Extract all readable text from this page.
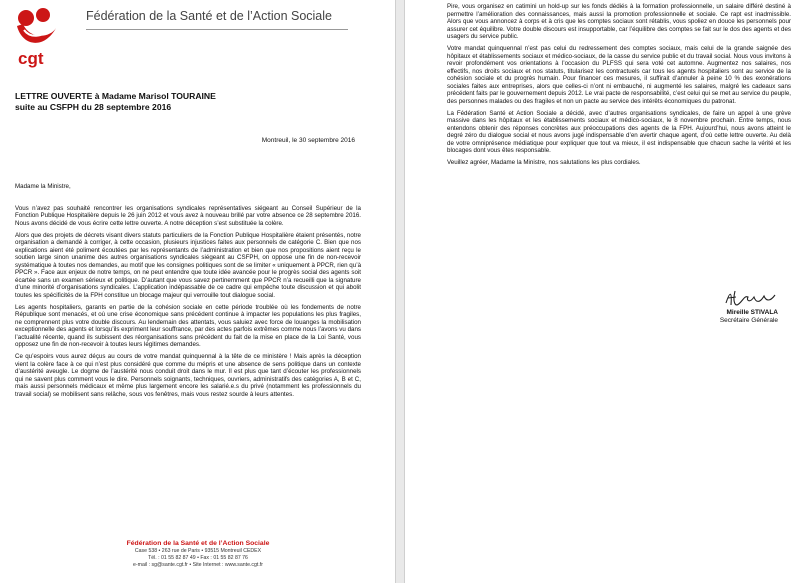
cgt
Fédération de la Santé et de l’Action Sociale
LETTRE OUVERTE à Madame Marisol TOURAINE
suite au CSFPH du 28 septembre 2016
Montreuil, le 30 septembre 2016

Madame la Ministre,

Vous n’avez pas souhaité rencontrer les organisations syndicales représentatives siégeant au Conseil Supérieur de la Fonction Publique Hospitalière depuis le 26 juin 2012 et vous avez à nouveau brillé par votre absence ce 28 septembre 2016. Nous avons décidé de vous écrire cette lettre ouverte. A notre déception s’est substituée la colère.

Alors que des projets de décrets visant divers statuts particuliers de la Fonction Publique Hospitalière étaient présentés, notre organisation a demandé à corriger, à cette occasion, plusieurs injustices faites aux personnels de catégorie C. Bien que nos explications aient été poliment écoutées par les représentants de l’administration et bien que nos propositions aient reçu le soutien large sinon unanime des autres organisations syndicales siégeant au CSFPH, on oppose une fin de non-recevoir systématique à toutes nos demandes, au motif que les consignes politiques sont de se limiter « uniquement à PPCR, rien qu’à PPCR ». Face aux enjeux de notre temps, on ne peut entendre que toute idée avancée pour le progrès social des agents soit écartée sans un examen sérieux et politique. D’autant que vous savez pertinemment que PPCR n’a recueilli que la signature d’une minorité d’organisations syndicales. L’application indépassable de ce cadre qui empêche toute discussion et qui abolit toutes les spécificités de la FPH constitue un blocage majeur qui verrouille tout dialogue social.

Les agents hospitaliers, garants en partie de la cohésion sociale en cette période troublée où les fondements de notre République sont menacés, et où une crise économique sans précédent continue à impacter les populations les plus fragiles, ne comprennent plus votre double discours. Au lendemain des attentats, vous saluiez avec force de louanges la mobilisation exceptionnelle des agents et lorsqu’ils expriment leur souffrance, par des actes parfois extrêmes comme nous l’avons vu dans l’actualité récente, quand ils subissent des réorganisations sans précédent du fait de la mise en place de la Loi Santé, vous opposez une fin de non-recevoir à toutes leurs légitimes demandes.

Ce qu’espoirs vous aurez déçus au cours de votre mandat quinquennal à la tête de ce ministère ! Mais après la déception vient la colère face à ce qui n’est plus considéré que comme du mépris et une absence de sens politique dans un contexte d’austérité aveugle. Le dogme de l’austérité nous conduit droit dans le mur. Il est plus que tant d’écouter les professionnels qui ne savent plus comment vous le dire. Personnels soignants, techniques, ouvriers, administratifs des catégories A, B et C, mais aussi personnels médicaux et même plus largement encore les salarié.e.s du privé (notamment les professionnels du travail social) se mobilisent sans relâche, sous vos fenêtres, mais vous restez sourde à leurs attentes.

Fédération de la Santé et de l’Action Sociale
Case 538 • 263 rue de Paris • 93515 Montreuil CEDEX
Tél. : 01 55 82 87 49 • Fax : 01 55 82 87 76
e-mail : sg@sante.cgt.fr • Site Internet : www.sante.cgt.fr

Pire, vous organisez en catimini un hold-up sur les fonds dédiés à la formation professionnelle, un salaire différé destiné à permettre l’amélioration des connaissances, mais aussi la promotion professionnelle et sociale. Ce rapt est inadmissible. Alors que vous annoncez à corps et à cris que les comptes sociaux sont rétablis, vous spoliez en douce les personnels pour assurer cet équilibre. Votre double discours est insupportable, car l’équilibre des comptes se fait sur le dos des agents et des usagers du service public.

Votre mandat quinquennal n’est pas celui du redressement des comptes sociaux, mais celui de la grande saignée des hôpitaux et établissements sociaux et médico-sociaux, de la casse du service public et du travail social. Nous vous invitons à revoir profondément vos orientations à l’occasion du PLFSS qui sera voté cet automne. Augmentez nos salaires, nos effectifs, nos droits sociaux et nos statuts, titularisez les contractuels car tous les agents hospitaliers sont au service de la cohésion sociale et du progrès humain. Pour financer ces mesures, il suffirait d’annuler à peine 10 % des exonérations sociales faites aux entreprises, alors que celles-ci n’ont ni embauché, ni augmenté les salaires, malgré les cadeaux sans précédent faits par le gouvernement depuis 2012. Le vrai pacte de responsabilité, c’est celui qui se met au service du peuple, des personnes malades ou des fragiles et non un pacte au service des intérêts économiques du patronat.

La Fédération Santé et Action Sociale a décidé, avec d’autres organisations syndicales, de faire un appel à une grève massive dans les hôpitaux et les établissements sociaux et médico-sociaux, le 8 novembre prochain. Entre temps, nous entendons obtenir des réponses concrètes aux préoccupations des agents de la FPH. Aujourd’hui, nous avons atteint le degré zéro du dialogue social et nous avons jugé indispensable d’en avertir chaque agent, d’où cette lettre ouverte. Au delà de votre omniprésence médiatique pour expliquer que tout va mieux, il est indispensable que chacun sache la vérité et les blocages dont vous êtes responsable.

Veuillez agréer, Madame la Ministre, nos salutations les plus cordiales.

Mireille STIVALA
Secrétaire Générale
